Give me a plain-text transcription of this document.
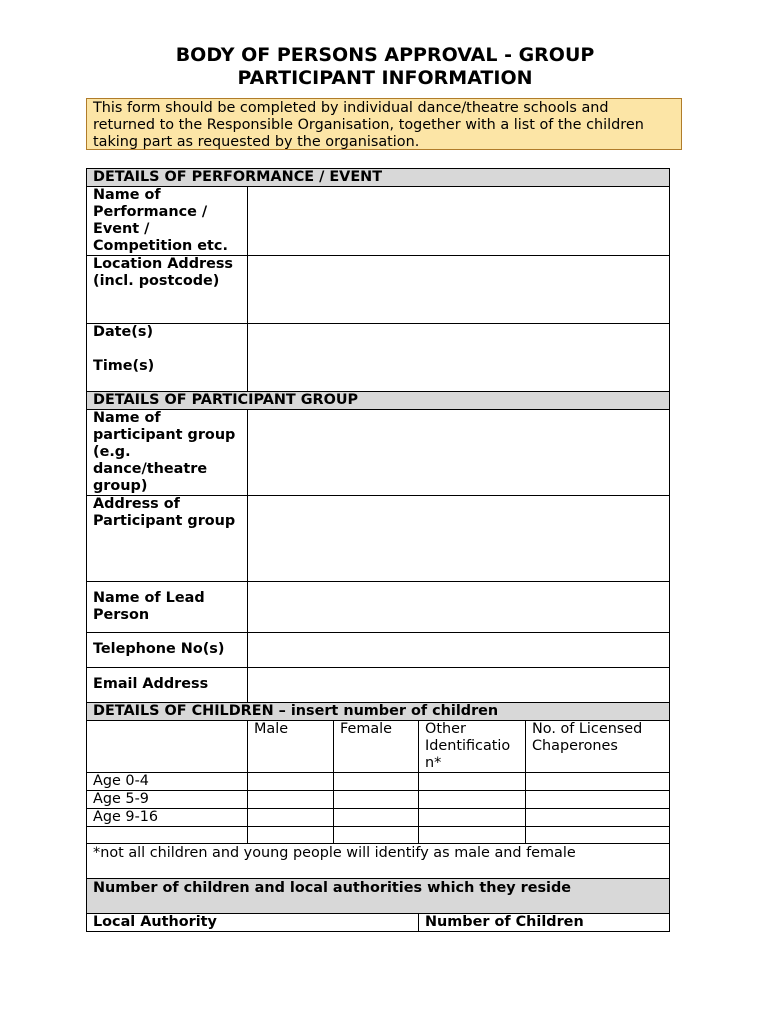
BODY OF PERSONS APPROVAL - GROUP
PARTICIPANT INFORMATION
This form should be completed by individual dance/theatre schools and returned to the Responsible Organisation, together with a list of the children taking part as requested by the organisation.
DETAILS OF PERFORMANCE / EVENT				
Name of Performance / Event / Competition etc.				
Location Address (incl. postcode)				

Date(s)
Time(s)				

DETAILS OF PARTICIPANT GROUP				
Name of participant group (e.g. dance/theatre group)				
Address of Participant group				
Name of Lead Person				
Telephone No(s)				
Email Address				
DETAILS OF CHILDREN – insert number of children				
	Male	Female	Other Identificatio n*	No. of Licensed Chaperones
Age 0-4				
Age 5-9				
Age 9-16				

*not all children and young people will identify as male and female				
Number of children and local authorities which they reside				
Local Authority			Number of Children	
